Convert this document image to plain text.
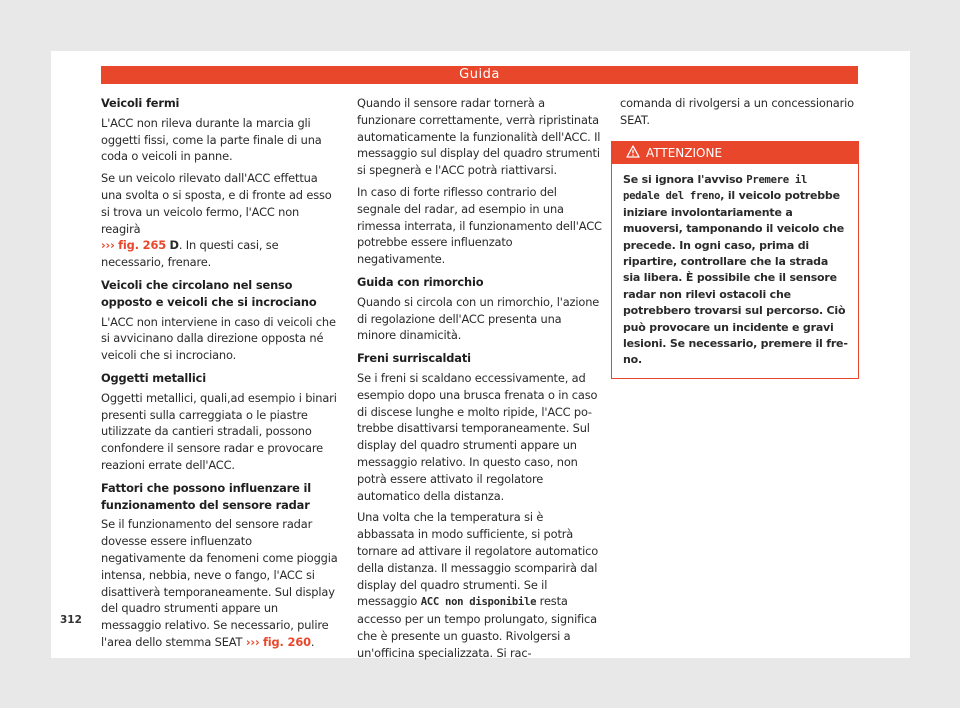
Guida
Veicoli fermi

L'ACC non rileva durante la marcia gli oggetti fissi, come la parte finale di una coda o veicoli in panne.

Se un veicolo rilevato dall'ACC effettua una svolta o si sposta, e di fronte ad esso si trova un veicolo fermo, l'ACC non reagirà
››› fig. 265 D. In questi casi, se necessario, frenare.

Veicoli che circolano nel senso opposto e veicoli che si incrociano

L'ACC non interviene in caso di veicoli che si avvicinano dalla direzione opposta né veicoli che si incrociano.

Oggetti metallici

Oggetti metallici, quali,ad esempio i binari presenti sulla carreggiata o le piastre utilizzate da cantieri stradali, possono confondere il sensore radar e provocare reazioni errate dell'ACC.

Fattori che possono influenzare il funzionamento del sensore radar

Se il funzionamento del sensore radar dovesse essere influenzato negativamente da fenomeni come pioggia intensa, nebbia, neve o fango, l'ACC si disattiverà temporaneamente. Sul display del quadro strumenti appare un messaggio relativo. Se necessario, pulire l'area dello stemma SEAT ››› fig. 260.

Quando il sensore radar tornerà a funzionare correttamente, verrà ripristinata automaticamente la funzionalità dell'ACC. Il messaggio sul display del quadro strumenti si spegnerà e l'ACC potrà riattivarsi.

In caso di forte riflesso contrario del segnale del radar, ad esempio in una rimessa interrata, il funzionamento dell'ACC potrebbe essere influenzato negativamente.

Guida con rimorchio

Quando si circola con un rimorchio, l'azione di regolazione dell'ACC presenta una minore dinamicità.

Freni surriscaldati

Se i freni si scaldano eccessivamente, ad esempio dopo una brusca frenata o in caso di discese lunghe e molto ripide, l'ACC potrebbe disattivarsi temporaneamente. Sul display del quadro strumenti appare un messaggio relativo. In questo caso, non potrà essere attivato il regolatore automatico della distanza.

Una volta che la temperatura si è abbassata in modo sufficiente, si potrà tornare ad attivare il regolatore automatico della distanza. Il messaggio scomparirà dal display del quadro strumenti. Se il messaggio ACC non disponibile resta accesso per un tempo prolungato, significa che è presente un guasto. Rivolgersi a un'officina specializzata. Si rac-

comanda di rivolgersi a un concessionario SEAT.

ATTENZIONE
Se si ignora l'avviso Premere il pedale del freno, il veicolo potrebbe iniziare involontariamente a muoversi, tamponando il veicolo che precede. In ogni caso, prima di ripartire, controllare che la strada sia libera. È possibile che il sensore radar non rilevi ostacoli che potrebbero trovarsi sul percorso. Ciò può provocare un incidente e gravi lesioni. Se necessario, premere il freno.
312
